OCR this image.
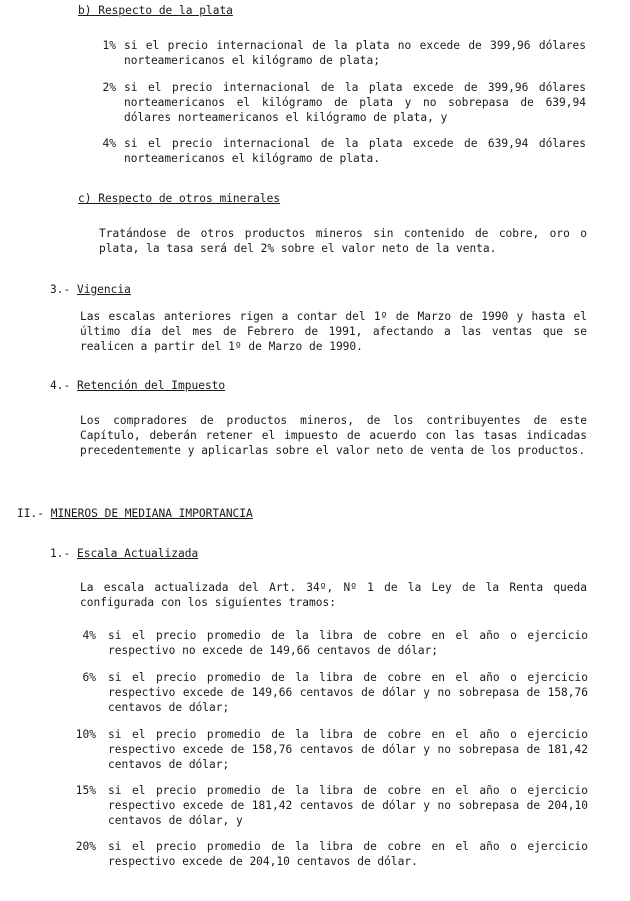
b) Respecto de la plata
1% si el precio internacional de la plata no excede de 399,96 dólares norteamericanos el kilógramo de plata;
2% si el precio internacional de la plata excede de 399,96 dólares norteamericanos el kilógramo de plata y no sobrepasa de 639,94 dólares norteamericanos el kilógramo de plata, y
4% si el precio internacional de la plata excede de 639,94 dólares norteamericanos el kilógramo de plata.
c) Respecto de otros minerales
Tratándose de otros productos mineros sin contenido de cobre, oro o plata, la tasa será del 2% sobre el valor neto de la venta.
3.- Vigencia
Las escalas anteriores rigen a contar del 1º de Marzo de 1990 y hasta el último día del mes de Febrero de 1991, afectando a las ventas que se realicen a partir del 1º de Marzo de 1990.
4.- Retención del Impuesto
Los compradores de productos mineros, de los contribuyentes de este Capítulo, deberán retener el impuesto de acuerdo con las tasas indicadas precedentemente y aplicarlas sobre el valor neto de venta de los productos.
II.- MINEROS DE MEDIANA IMPORTANCIA
1.- Escala Actualizada
La escala actualizada del Art. 34º, Nº 1 de la Ley de la Renta queda configurada con los siguientes tramos:
4% si el precio promedio de la libra de cobre en el año o ejercicio respectivo no excede de 149,66 centavos de dólar;
6% si el precio promedio de la libra de cobre en el año o ejercicio respectivo excede de 149,66 centavos de dólar y no sobrepasa de 158,76 centavos de dólar;
10% si el precio promedio de la libra de cobre en el año o ejercicio respectivo excede de 158,76 centavos de dólar y no sobrepasa de 181,42 centavos de dólar;
15% si el precio promedio de la libra de cobre en el año o ejercicio respectivo excede de 181,42 centavos de dólar y no sobrepasa de 204,10 centavos de dólar, y
20% si el precio promedio de la libra de cobre en el año o ejercicio respectivo excede de 204,10 centavos de dólar.
